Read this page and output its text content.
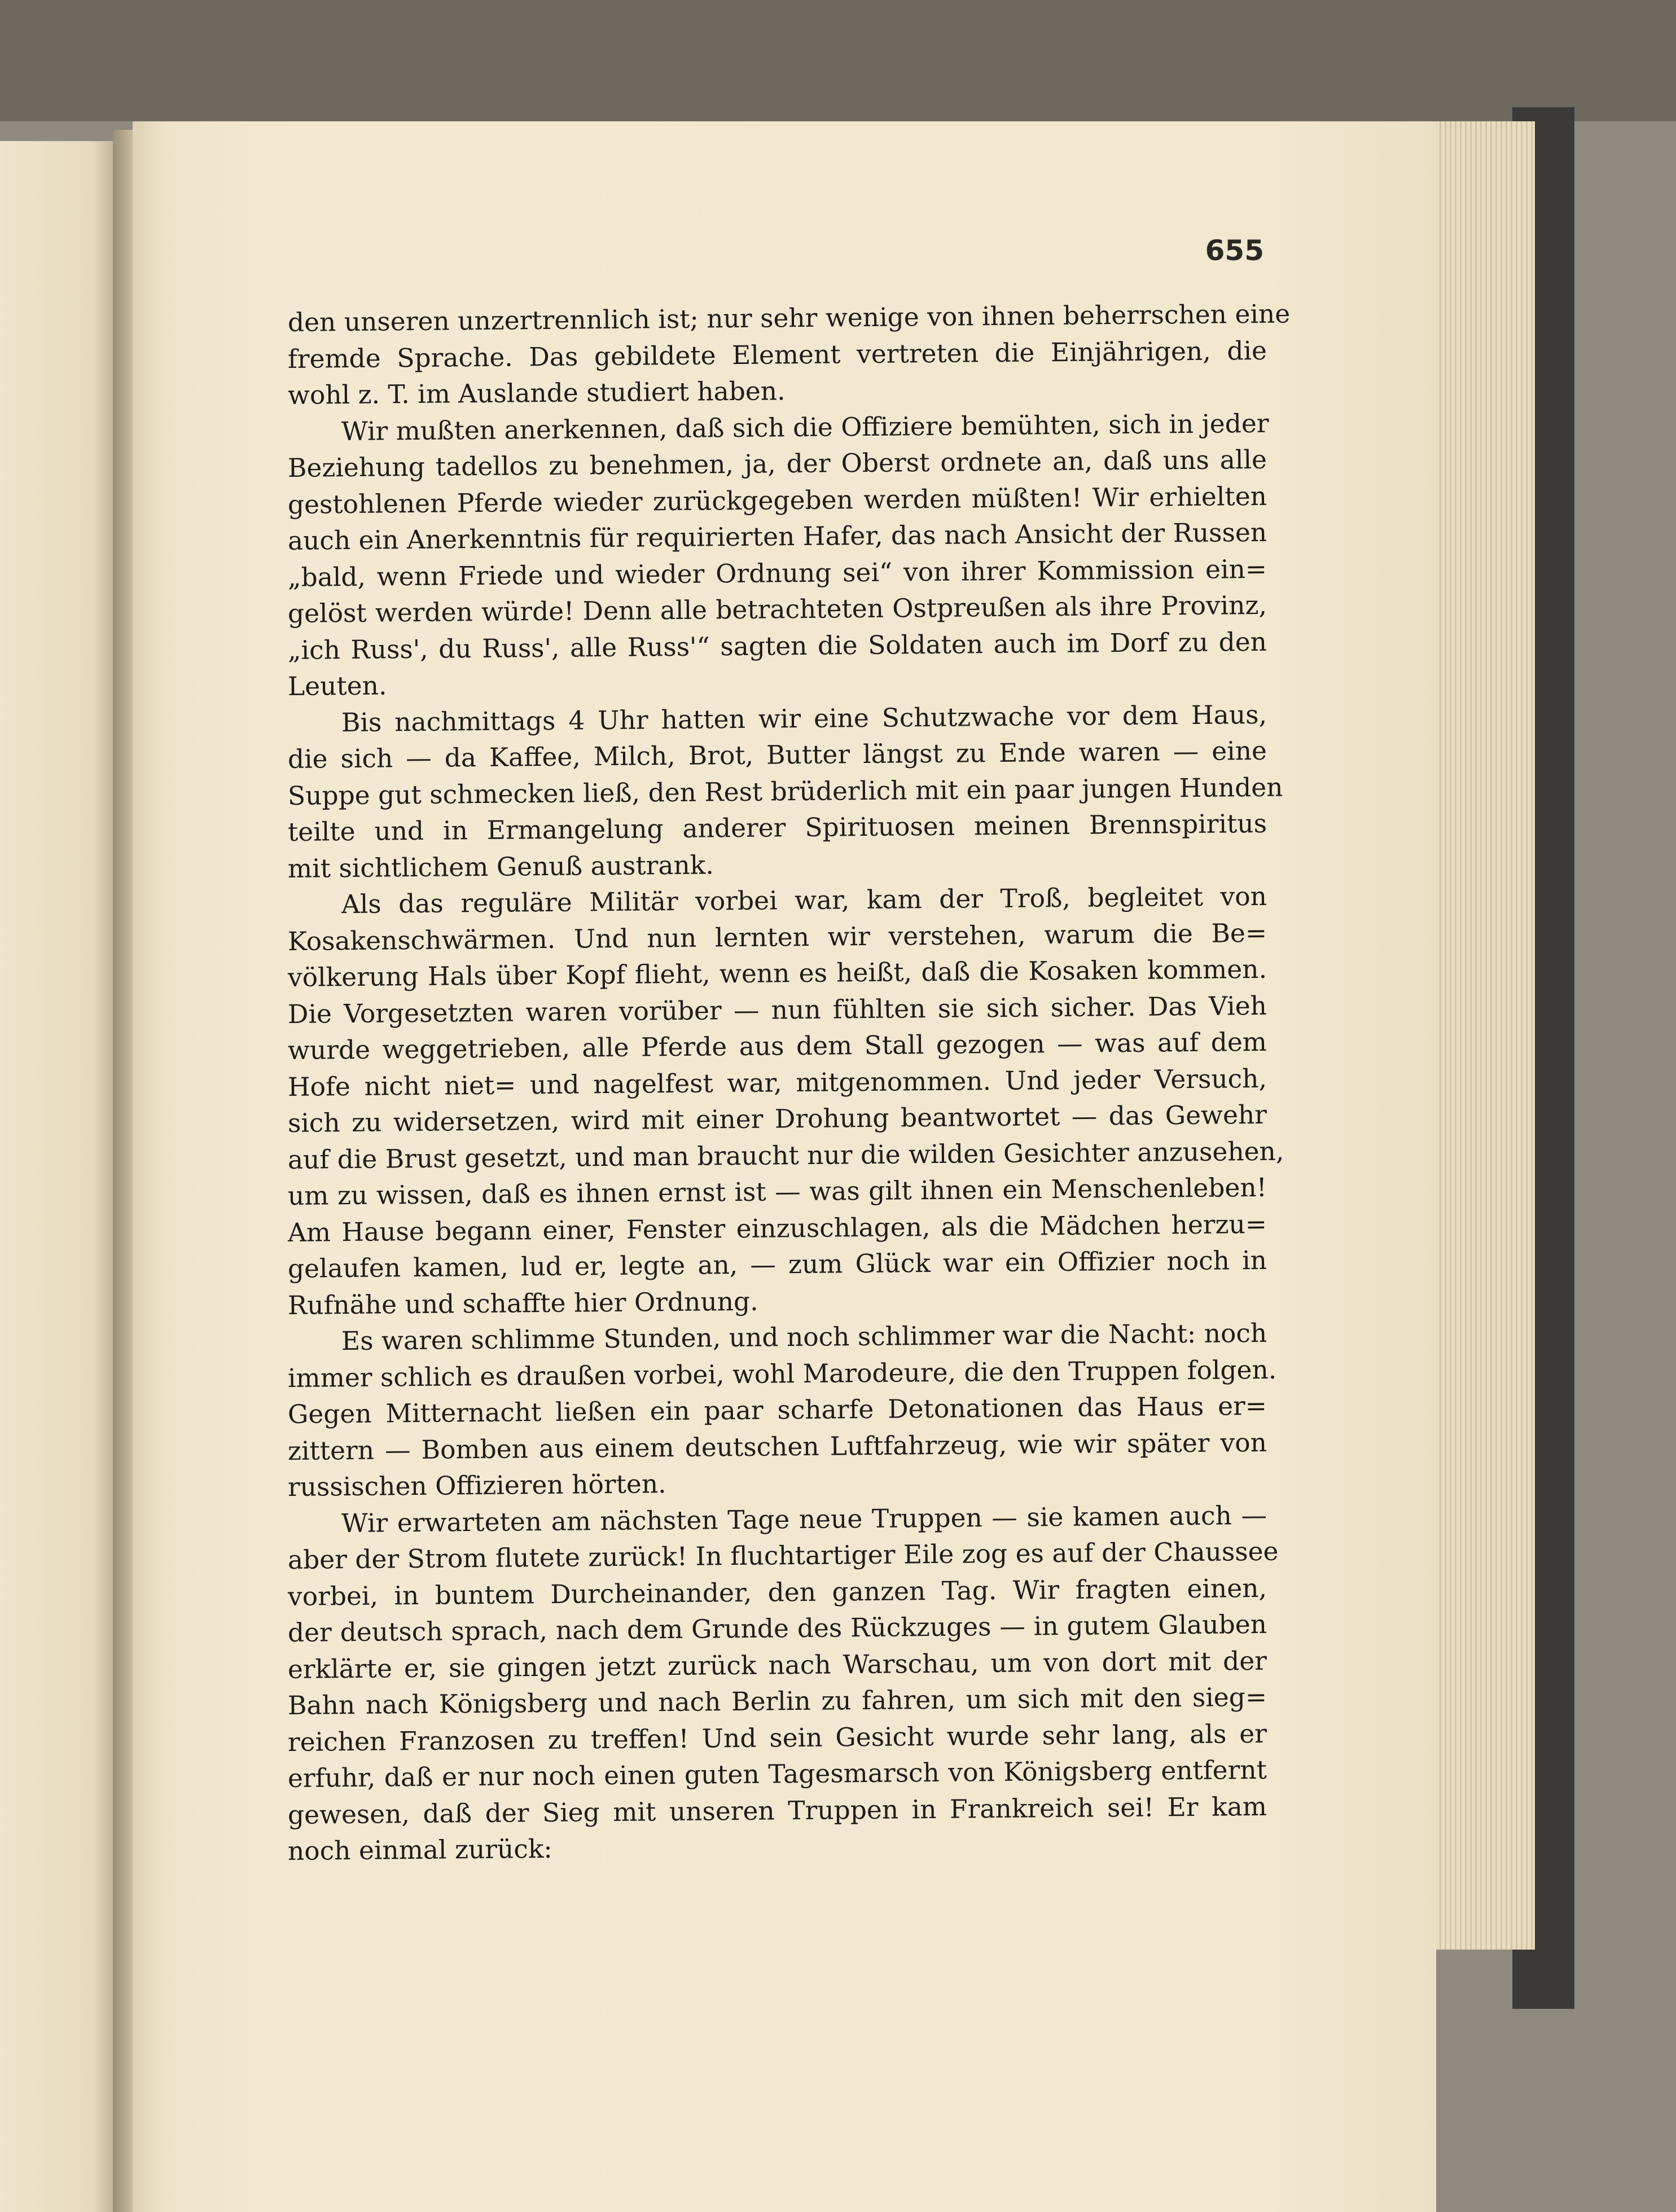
655
den unseren unzertrennlich ist; nur sehr wenige von ihnen beherrschen eine
fremde Sprache. Das gebildete Element vertreten die Einjährigen, die
wohl z. T. im Auslande studiert haben.
Wir mußten anerkennen, daß sich die Offiziere bemühten, sich in jeder
Beziehung tadellos zu benehmen, ja, der Oberst ordnete an, daß uns alle
gestohlenen Pferde wieder zurückgegeben werden müßten! Wir erhielten
auch ein Anerkenntnis für requirierten Hafer, das nach Ansicht der Russen
„bald, wenn Friede und wieder Ordnung sei“ von ihrer Kommission ein=
gelöst werden würde! Denn alle betrachteten Ostpreußen als ihre Provinz,
„ich Russ', du Russ', alle Russ'“ sagten die Soldaten auch im Dorf zu den
Leuten.
Bis nachmittags 4 Uhr hatten wir eine Schutzwache vor dem Haus,
die sich — da Kaffee, Milch, Brot, Butter längst zu Ende waren — eine
Suppe gut schmecken ließ, den Rest brüderlich mit ein paar jungen Hunden
teilte und in Ermangelung anderer Spirituosen meinen Brennspiritus
mit sichtlichem Genuß austrank.
Als das reguläre Militär vorbei war, kam der Troß, begleitet von
Kosakenschwärmen. Und nun lernten wir verstehen, warum die Be=
völkerung Hals über Kopf flieht, wenn es heißt, daß die Kosaken kommen.
Die Vorgesetzten waren vorüber — nun fühlten sie sich sicher. Das Vieh
wurde weggetrieben, alle Pferde aus dem Stall gezogen — was auf dem
Hofe nicht niet= und nagelfest war, mitgenommen. Und jeder Versuch,
sich zu widersetzen, wird mit einer Drohung beantwortet — das Gewehr
auf die Brust gesetzt, und man braucht nur die wilden Gesichter anzusehen,
um zu wissen, daß es ihnen ernst ist — was gilt ihnen ein Menschenleben!
Am Hause begann einer, Fenster einzuschlagen, als die Mädchen herzu=
gelaufen kamen, lud er, legte an, — zum Glück war ein Offizier noch in
Rufnähe und schaffte hier Ordnung.
Es waren schlimme Stunden, und noch schlimmer war die Nacht: noch
immer schlich es draußen vorbei, wohl Marodeure, die den Truppen folgen.
Gegen Mitternacht ließen ein paar scharfe Detonationen das Haus er=
zittern — Bomben aus einem deutschen Luftfahrzeug, wie wir später von
russischen Offizieren hörten.
Wir erwarteten am nächsten Tage neue Truppen — sie kamen auch —
aber der Strom flutete zurück! In fluchtartiger Eile zog es auf der Chaussee
vorbei, in buntem Durcheinander, den ganzen Tag. Wir fragten einen,
der deutsch sprach, nach dem Grunde des Rückzuges — in gutem Glauben
erklärte er, sie gingen jetzt zurück nach Warschau, um von dort mit der
Bahn nach Königsberg und nach Berlin zu fahren, um sich mit den sieg=
reichen Franzosen zu treffen! Und sein Gesicht wurde sehr lang, als er
erfuhr, daß er nur noch einen guten Tagesmarsch von Königsberg entfernt
gewesen, daß der Sieg mit unseren Truppen in Frankreich sei! Er kam
noch einmal zurück:
